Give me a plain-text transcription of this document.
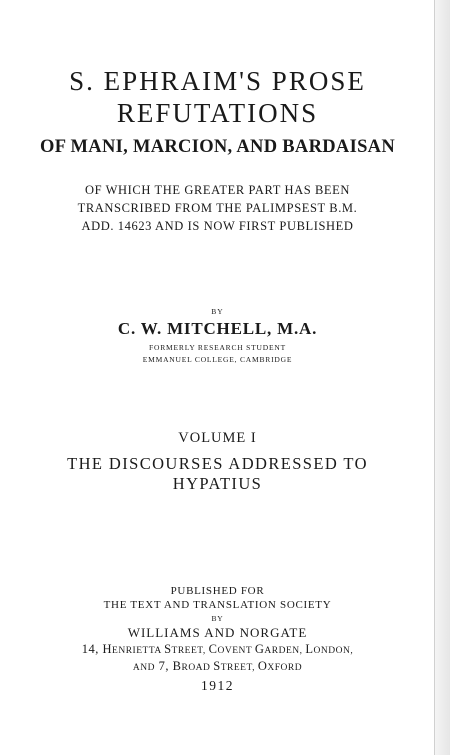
S. EPHRAIM'S PROSE
REFUTATIONS
OF MANI, MARCION, AND BARDAISAN
OF WHICH THE GREATER PART HAS BEEN
TRANSCRIBED FROM THE PALIMPSEST B.M.
ADD. 14623 AND IS NOW FIRST PUBLISHED
BY
C. W. MITCHELL, M.A.
FORMERLY RESEARCH STUDENT
EMMANUEL COLLEGE, CAMBRIDGE
VOLUME I
THE DISCOURSES ADDRESSED TO
HYPATIUS
PUBLISHED FOR
THE TEXT AND TRANSLATION SOCIETY
BY
WILLIAMS AND NORGATE
14, HENRIETTA STREET, COVENT GARDEN, LONDON,
AND 7, BROAD STREET, OXFORD
1912
